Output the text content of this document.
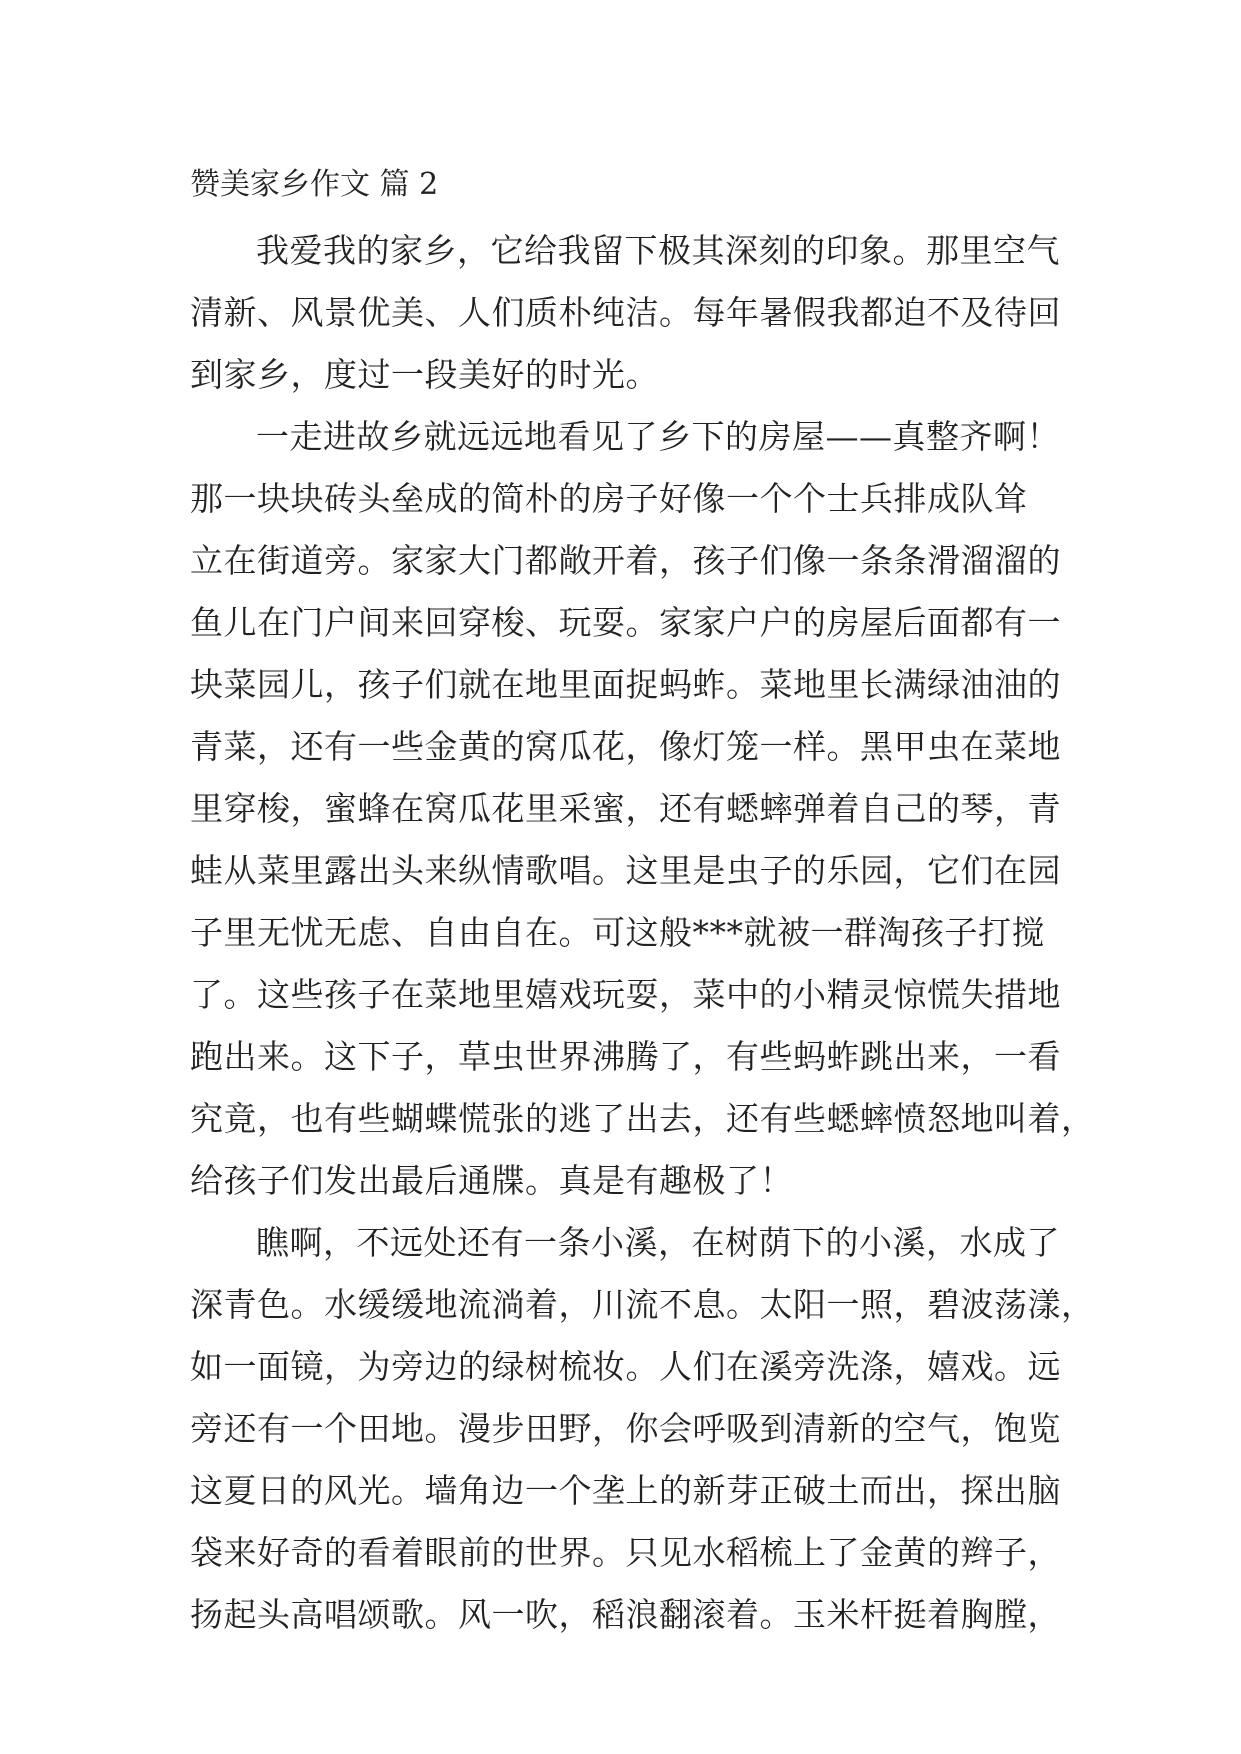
赞美家乡作文 篇 2
我爱我的家乡，它给我留下极其深刻的印象。那里空气
清新、风景优美、人们质朴纯洁。每年暑假我都迫不及待回
到家乡，度过一段美好的时光。
一走进故乡就远远地看见了乡下的房屋——真整齐啊！
那一块块砖头垒成的简朴的房子好像一个个士兵排成队耸
立在街道旁。家家大门都敞开着，孩子们像一条条滑溜溜的
鱼儿在门户间来回穿梭、玩耍。家家户户的房屋后面都有一
块菜园儿，孩子们就在地里面捉蚂蚱。菜地里长满绿油油的
青菜，还有一些金黄的窝瓜花，像灯笼一样。黑甲虫在菜地
里穿梭，蜜蜂在窝瓜花里采蜜，还有蟋蟀弹着自己的琴，青
蛙从菜里露出头来纵情歌唱。这里是虫子的乐园，它们在园
子里无忧无虑、自由自在。可这般***就被一群淘孩子打搅
了。这些孩子在菜地里嬉戏玩耍，菜中的小精灵惊慌失措地
跑出来。这下子，草虫世界沸腾了，有些蚂蚱跳出来，一看
究竟，也有些蝴蝶慌张的逃了出去，还有些蟋蟀愤怒地叫着，
给孩子们发出最后通牒。真是有趣极了！
瞧啊，不远处还有一条小溪，在树荫下的小溪，水成了
深青色。水缓缓地流淌着，川流不息。太阳一照，碧波荡漾，
如一面镜，为旁边的绿树梳妆。人们在溪旁洗涤，嬉戏。远
旁还有一个田地。漫步田野，你会呼吸到清新的空气，饱览
这夏日的风光。墙角边一个垄上的新芽正破土而出，探出脑
袋来好奇的看着眼前的世界。只见水稻梳上了金黄的辫子，
扬起头高唱颂歌。风一吹，稻浪翻滚着。玉米杆挺着胸膛，
